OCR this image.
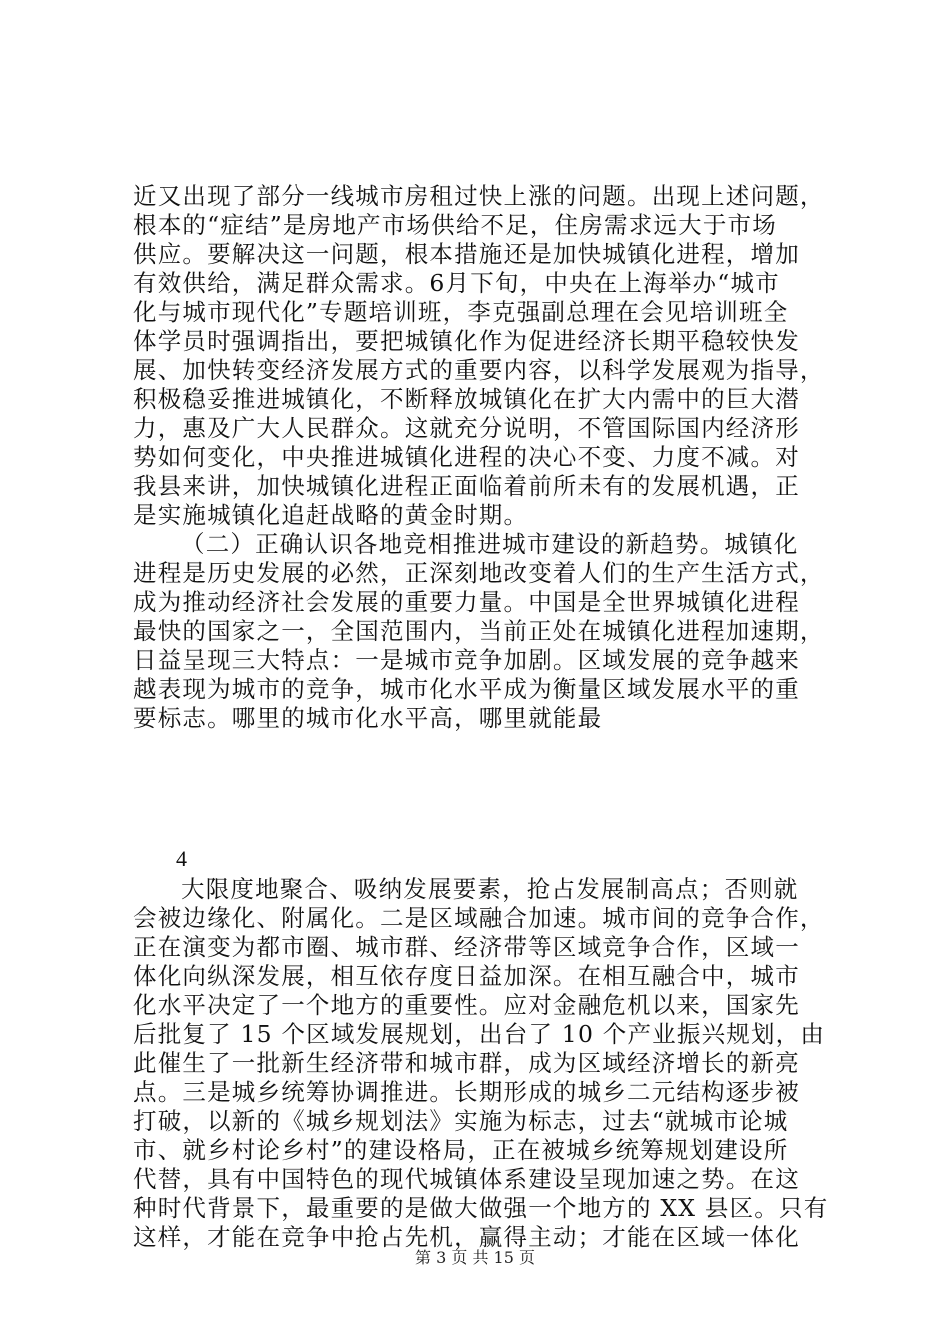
近又出现了部分一线城市房租过快上涨的问题。出现上述问题，
根本的“症结”是房地产市场供给不足，住房需求远大于市场
供应。要解决这一问题，根本措施还是加快城镇化进程，增加
有效供给，满足群众需求。6月下旬，中央在上海举办“城市
化与城市现代化”专题培训班，李克强副总理在会见培训班全
体学员时强调指出，要把城镇化作为促进经济长期平稳较快发
展、加快转变经济发展方式的重要内容，以科学发展观为指导，
积极稳妥推进城镇化，不断释放城镇化在扩大内需中的巨大潜
力，惠及广大人民群众。这就充分说明，不管国际国内经济形
势如何变化，中央推进城镇化进程的决心不变、力度不减。对
我县来讲，加快城镇化进程正面临着前所未有的发展机遇，正
是实施城镇化追赶战略的黄金时期。
（二）正确认识各地竞相推进城市建设的新趋势。城镇化
进程是历史发展的必然，正深刻地改变着人们的生产生活方式，
成为推动经济社会发展的重要力量。中国是全世界城镇化进程
最快的国家之一，全国范围内，当前正处在城镇化进程加速期，
日益呈现三大特点：一是城市竞争加剧。区域发展的竞争越来
越表现为城市的竞争，城市化水平成为衡量区域发展水平的重
要标志。哪里的城市化水平高，哪里就能最
4
大限度地聚合、吸纳发展要素，抢占发展制高点；否则就
会被边缘化、附属化。二是区域融合加速。城市间的竞争合作，
正在演变为都市圈、城市群、经济带等区域竞争合作，区域一
体化向纵深发展，相互依存度日益加深。在相互融合中，城市
化水平决定了一个地方的重要性。应对金融危机以来，国家先
后批复了 15 个区域发展规划，出台了 10 个产业振兴规划，由
此催生了一批新生经济带和城市群，成为区域经济增长的新亮
点。三是城乡统筹协调推进。长期形成的城乡二元结构逐步被
打破，以新的《城乡规划法》实施为标志，过去“就城市论城
市、就乡村论乡村”的建设格局，正在被城乡统筹规划建设所
代替，具有中国特色的现代城镇体系建设呈现加速之势。在这
种时代背景下，最重要的是做大做强一个地方的 XX 县区。只有
这样，才能在竞争中抢占先机，赢得主动；才能在区域一体化
第 3 页 共 15 页
